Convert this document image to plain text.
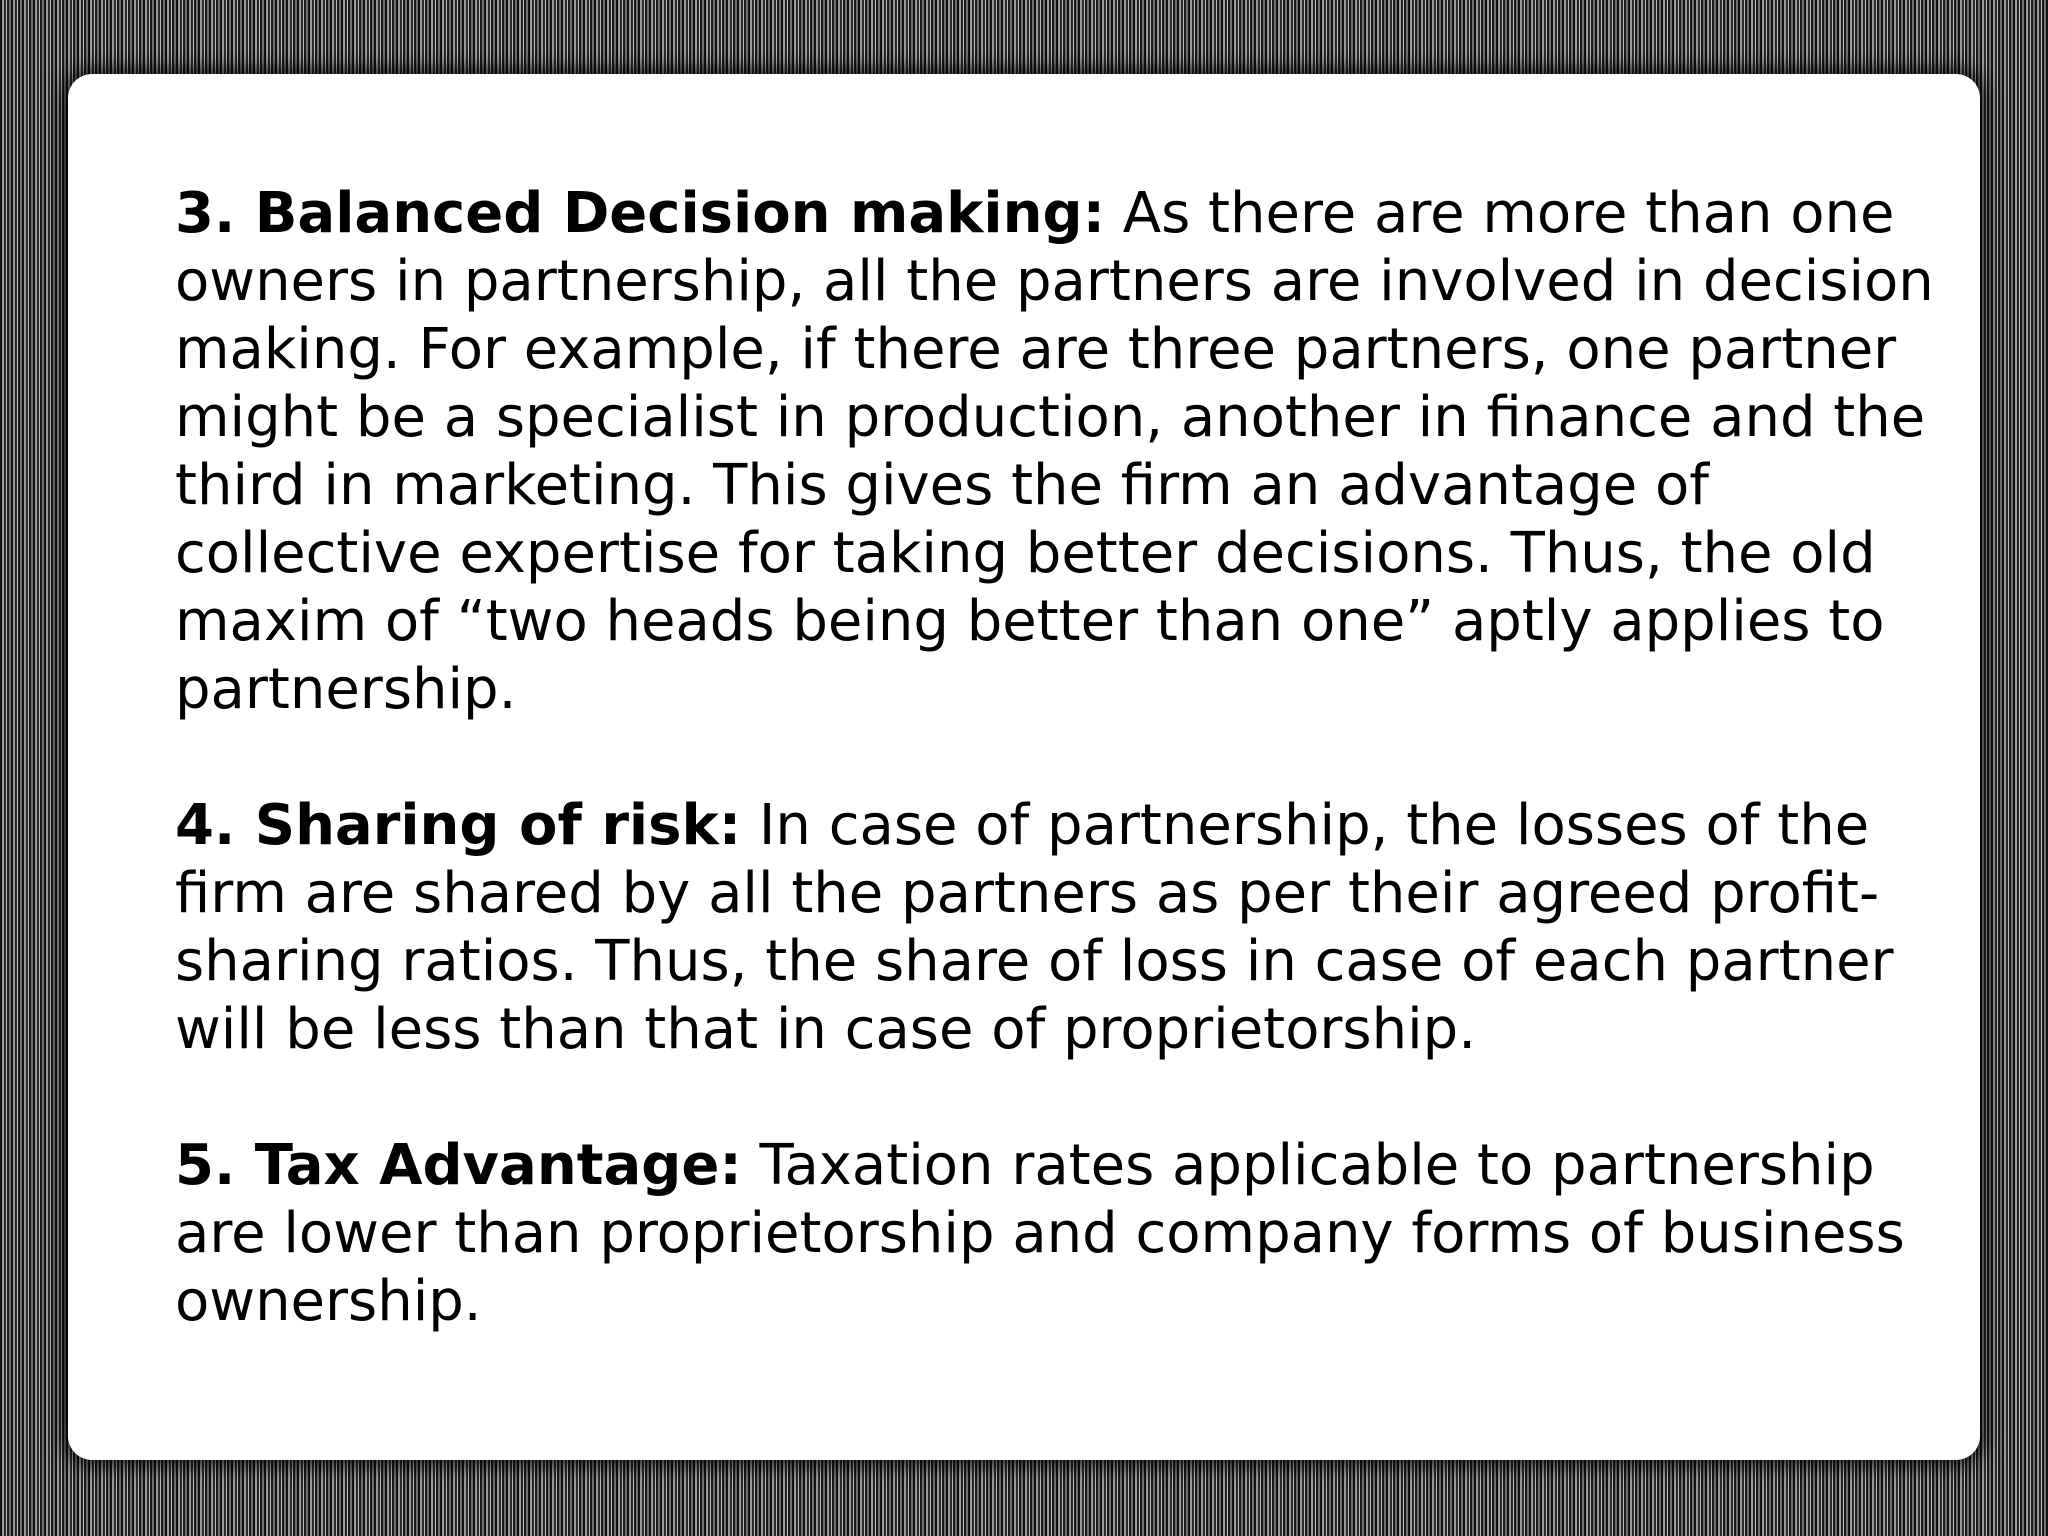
3. Balanced Decision making: As there are more than one owners in partnership, all the partners are involved in decision making. For example, if there are three partners, one partner might be a specialist in production, another in finance and the third in marketing. This gives the firm an advantage of collective expertise for taking better decisions. Thus, the old maxim of “two heads being better than one” aptly applies to partnership.

4. Sharing of risk: In case of partnership, the losses of the firm are shared by all the partners as per their agreed profit-sharing ratios. Thus, the share of loss in case of each partner will be less than that in case of proprietorship.

5. Tax Advantage: Taxation rates applicable to partnership are lower than proprietorship and company forms of business ownership.
